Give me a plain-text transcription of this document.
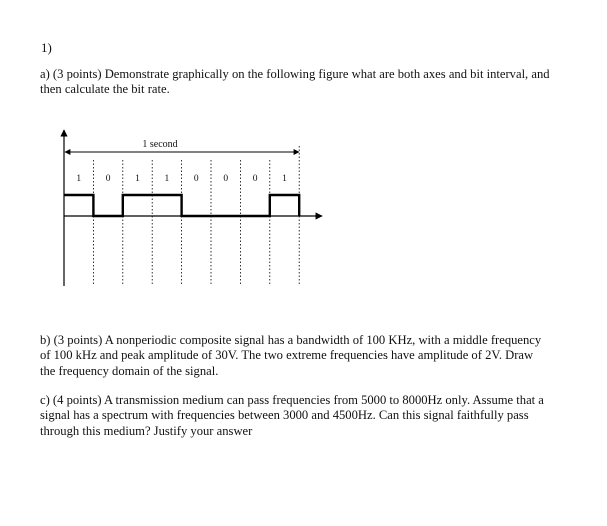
1)

a) (3 points) Demonstrate graphically on the following figure what are both axes and bit interval, and
then calculate the bit rate.

1 second
1	0	1	1	0	0	0	1

b) (3 points) A nonperiodic composite signal has a bandwidth of 100 KHz, with a middle frequency
of 100 kHz and peak amplitude of 30V. The two extreme frequencies have amplitude of 2V. Draw
the frequency domain of the signal.

c) (4 points) A transmission medium can pass frequencies from 5000 to 8000Hz only. Assume that a
signal has a spectrum with frequencies between 3000 and 4500Hz. Can this signal faithfully pass
through this medium? Justify your answer
